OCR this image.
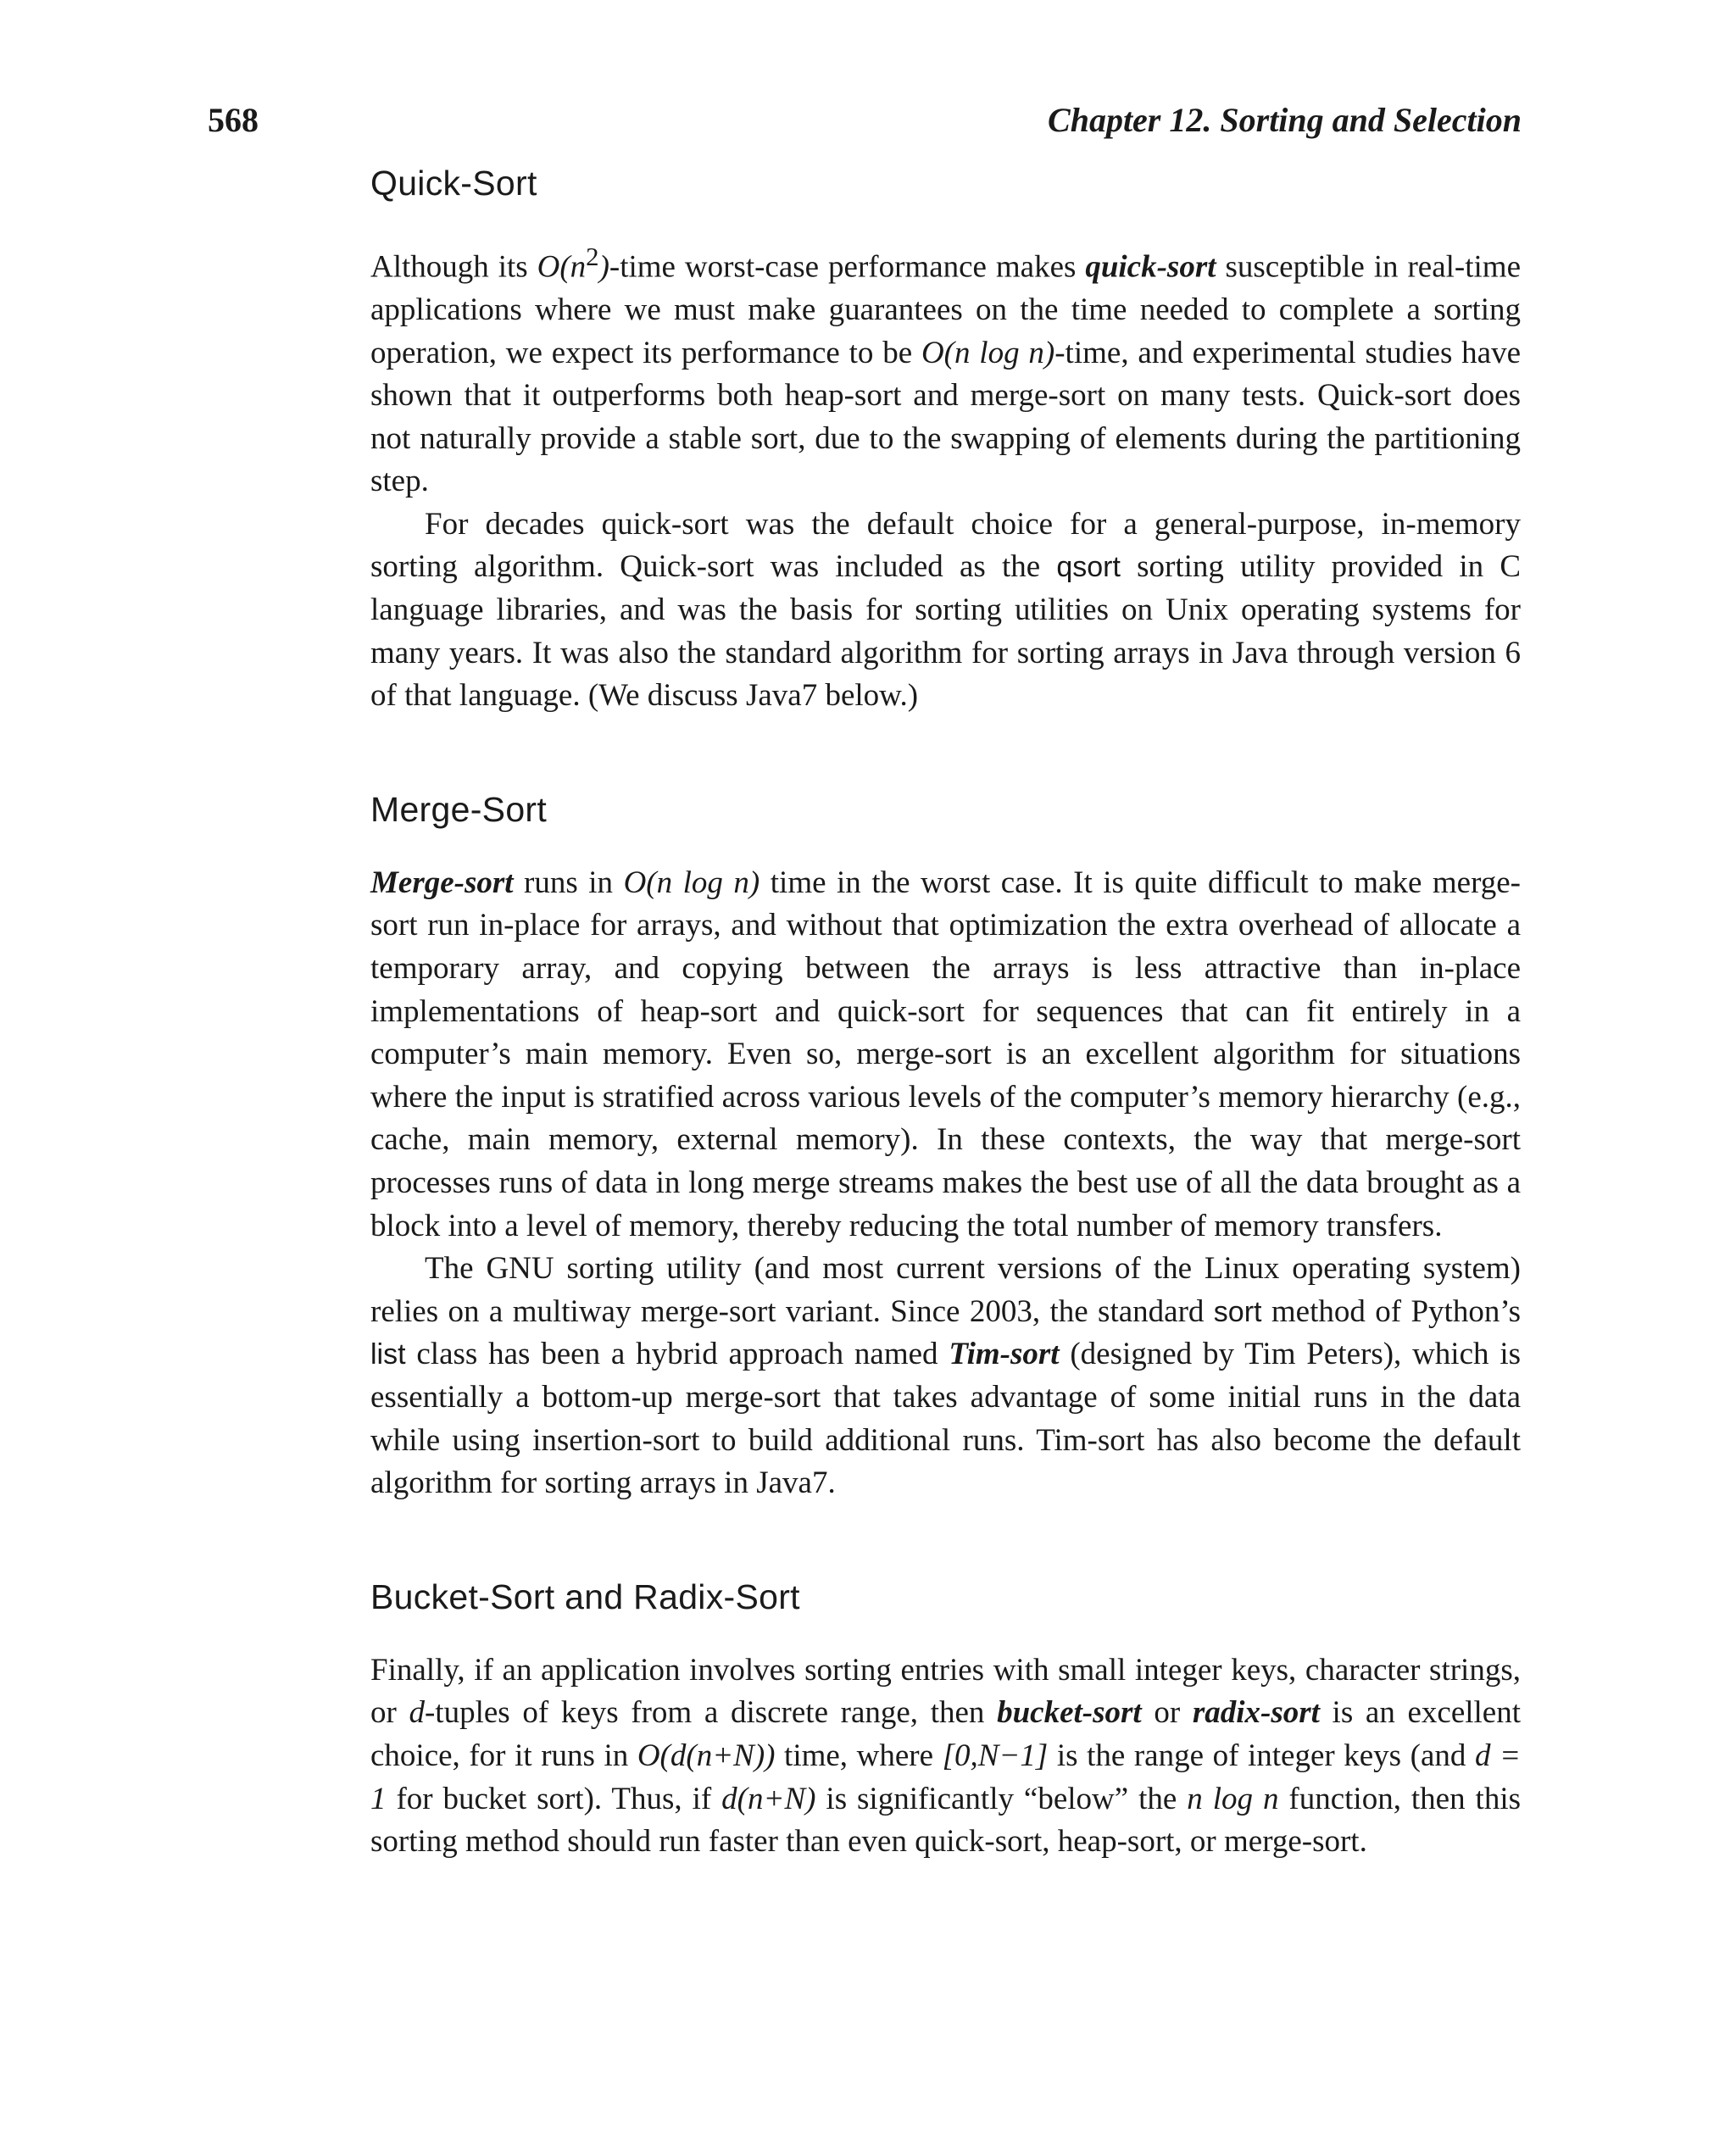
568	Chapter 12. Sorting and Selection
Quick-Sort

Although its $O(n^2)$-time worst-case performance makes quick-sort susceptible in real-time applications where we must make guarantees on the time needed to complete a sorting operation, we expect its performance to be O(n log n)-time, and experimental studies have shown that it outperforms both heap-sort and merge-sort on many tests. Quick-sort does not naturally provide a stable sort, due to the swapping of elements during the partitioning step.

For decades quick-sort was the default choice for a general-purpose, in-memory sorting algorithm. Quick-sort was included as the qsort sorting utility provided in C language libraries, and was the basis for sorting utilities on Unix operating systems for many years. It was also the standard algorithm for sorting arrays in Java through version 6 of that language. (We discuss Java7 below.)

Merge-Sort

Merge-sort runs in O(n log n) time in the worst case. It is quite difficult to make merge-sort run in-place for arrays, and without that optimization the extra overhead of allocate a temporary array, and copying between the arrays is less attractive than in-place implementations of heap-sort and quick-sort for sequences that can fit entirely in a computer’s main memory. Even so, merge-sort is an excellent algorithm for situations where the input is stratified across various levels of the computer’s memory hierarchy (e.g., cache, main memory, external memory). In these contexts, the way that merge-sort processes runs of data in long merge streams makes the best use of all the data brought as a block into a level of memory, thereby reducing the total number of memory transfers.

The GNU sorting utility (and most current versions of the Linux operating system) relies on a multiway merge-sort variant. Since 2003, the standard sort method of Python’s list class has been a hybrid approach named Tim-sort (designed by Tim Peters), which is essentially a bottom-up merge-sort that takes advantage of some initial runs in the data while using insertion-sort to build additional runs. Tim-sort has also become the default algorithm for sorting arrays in Java7.

Bucket-Sort and Radix-Sort

Finally, if an application involves sorting entries with small integer keys, character strings, or d-tuples of keys from a discrete range, then bucket-sort or radix-sort is an excellent choice, for it runs in O(d(n+N)) time, where [0,N−1] is the range of integer keys (and d = 1 for bucket sort). Thus, if d(n+N) is significantly “below” the n log n function, then this sorting method should run faster than even quick-sort, heap-sort, or merge-sort.
